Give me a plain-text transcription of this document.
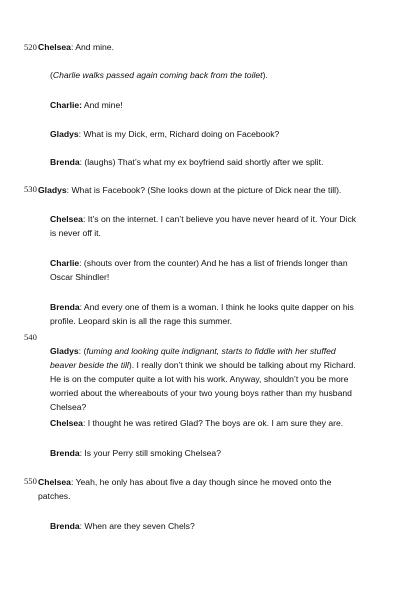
520
530
540
550
Chelsea: And mine.
(Charlie walks passed again coming back from the toilet).
Charlie: And mine!
Gladys: What is my Dick, erm, Richard doing on Facebook?
Brenda: (laughs) That’s what my ex boyfriend said shortly after we split.
Gladys: What is Facebook? (She looks down at the picture of Dick near the till).
Chelsea: It’s on the internet. I can’t believe you have never heard of it. Your Dick is never off it.
Charlie: (shouts over from the counter) And he has a list of friends longer than Oscar Shindler!
Brenda: And every one of them is a woman. I think he looks quite dapper on his profile. Leopard skin is all the rage this summer.
Gladys: (fuming and looking quite indignant, starts to fiddle with her stuffed beaver beside the till). I really don’t think we should be talking about my Richard. He is on the computer quite a lot with his work. Anyway, shouldn’t you be more worried about the whereabouts of your two young boys rather than my husband Chelsea?
Chelsea: I thought he was retired Glad? The boys are ok. I am sure they are.
Brenda: Is your Perry still smoking Chelsea?
Chelsea: Yeah, he only has about five a day though since he moved onto the patches.
Brenda: When are they seven Chels?
